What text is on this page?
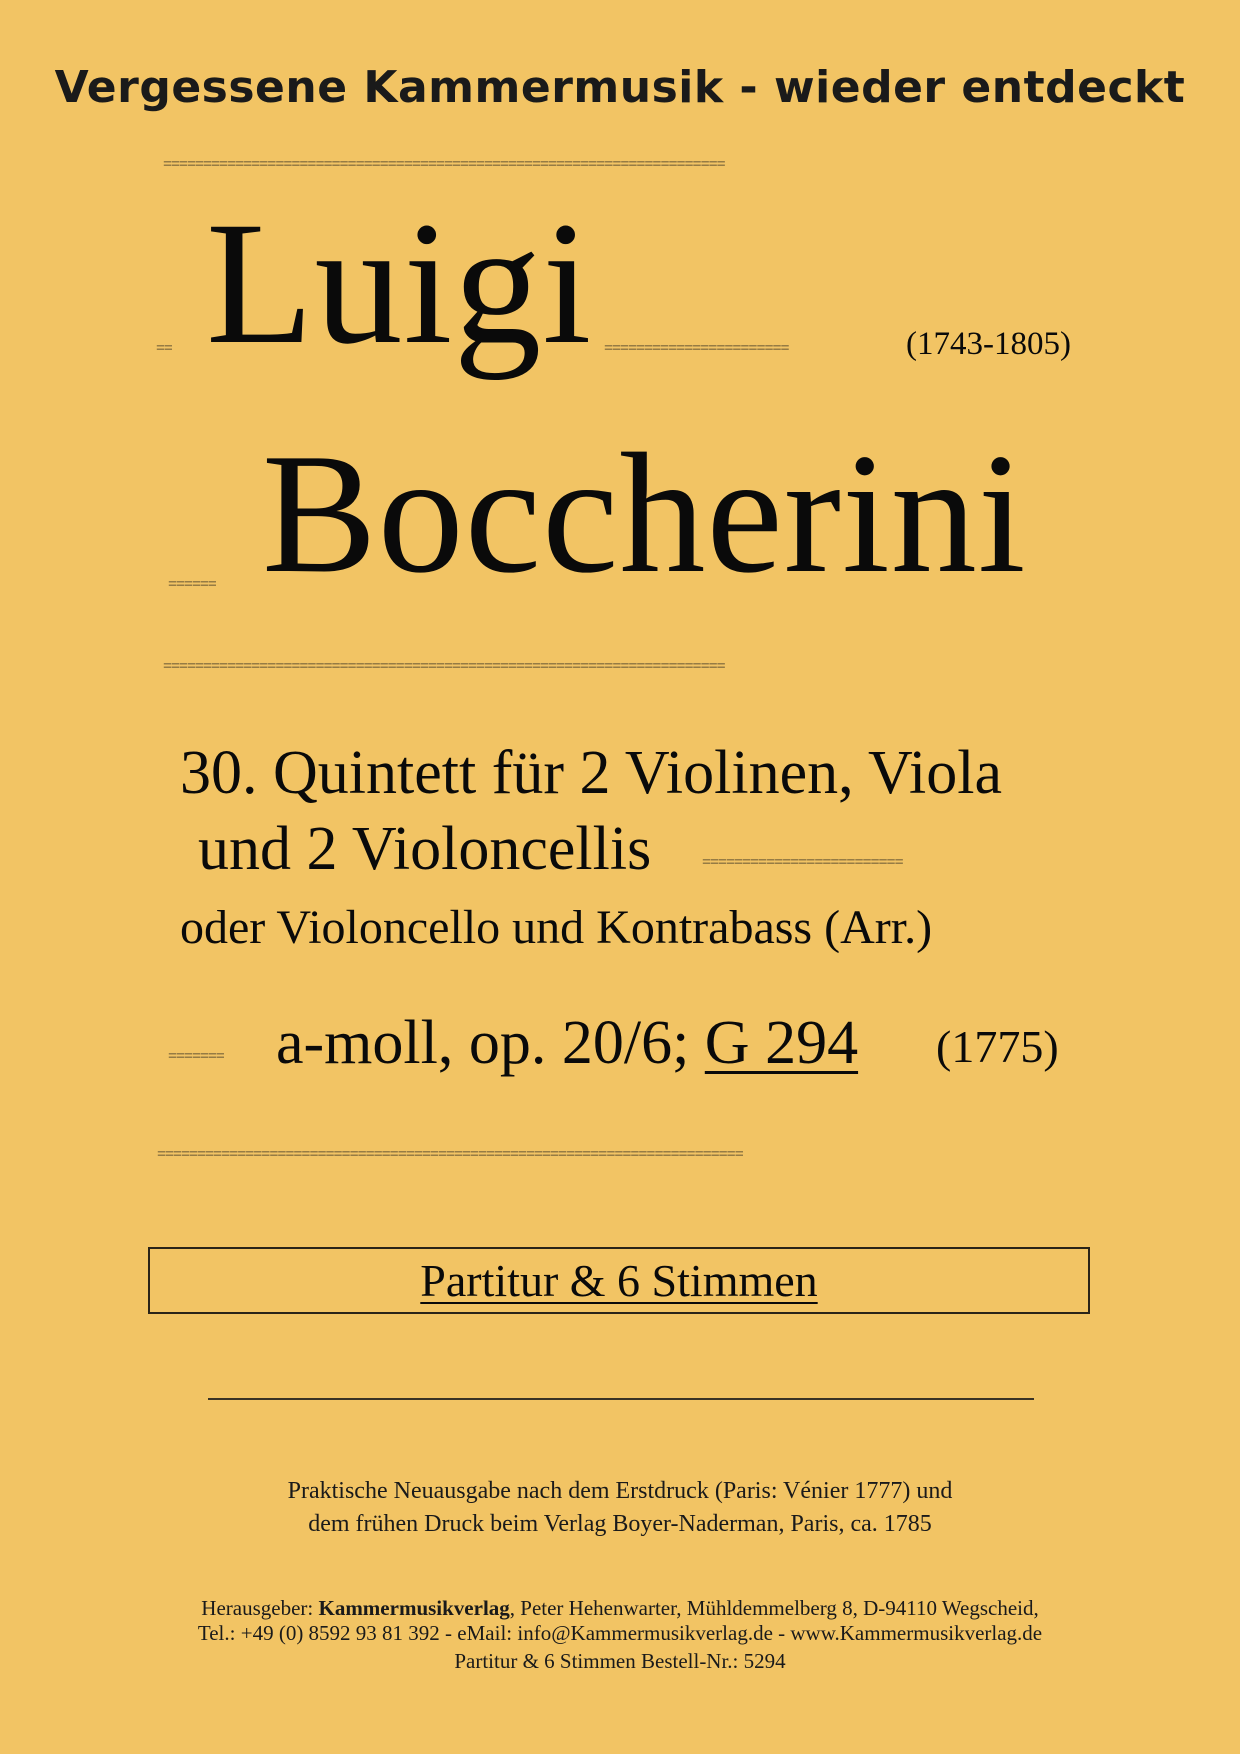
Vergessene Kammermusik - wieder entdeckt
======================================================================
== Luigi =======================	(1743-1805)
====== Boccherini
======================================================================
30. Quintett für 2 Violinen, Viola
und 2 Violoncellis	=========================
oder Violoncello und Kontrabass (Arr.)
======= a-moll, op. 20/6; G 294 (1775)
=========================================================================
Partitur & 6 Stimmen
Praktische Neuausgabe nach dem Erstdruck (Paris: Vénier 1777) und
dem frühen Druck beim Verlag Boyer-Naderman, Paris, ca. 1785
Herausgeber: Kammermusikverlag, Peter Hehenwarter, Mühldemmelberg 8, D-94110 Wegscheid,
Tel.: +49 (0) 8592 93 81 392 - eMail: info@Kammermusikverlag.de - www.Kammermusikverlag.de
Partitur & 6 Stimmen Bestell-Nr.: 5294
